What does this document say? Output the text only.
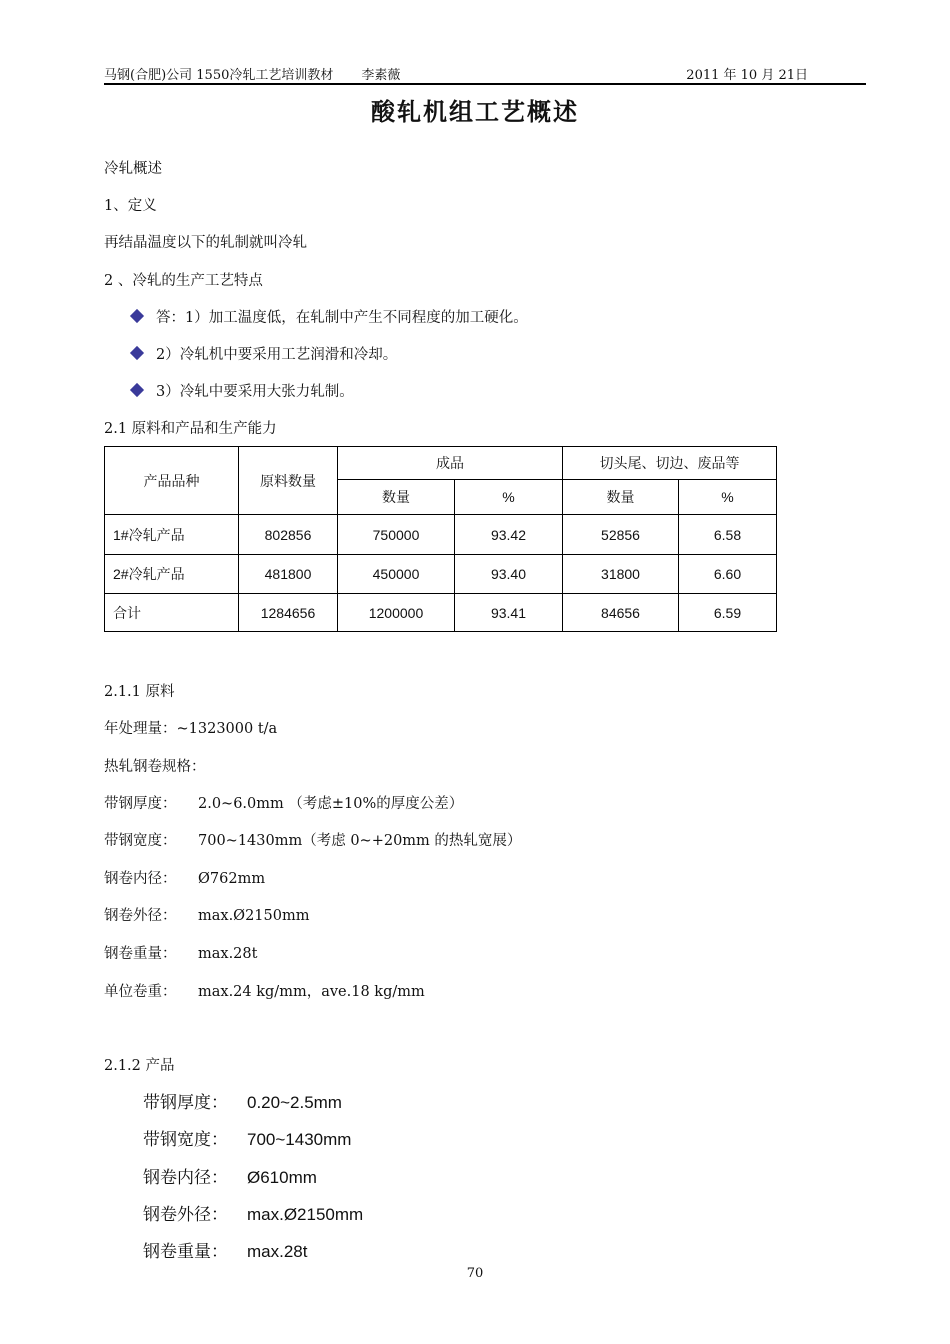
马钢(合肥)公司 1550冷轧工艺培训教材 李素薇	2011 年 10 月 21日
酸轧机组工艺概述
冷轧概述
1、定义
再结晶温度以下的轧制就叫冷轧
2 、冷轧的生产工艺特点
答：1）加工温度低，在轧制中产生不同程度的加工硬化。
2）冷轧机中要采用工艺润滑和冷却。
3）冷轧中要采用大张力轧制。
2.1 原料和产品和生产能力
产品品种	原料数量	成品		切头尾、切边、废品等	
		数量	%	数量	%
1#冷轧产品	802856	750000	93.42	52856	6.58
2#冷轧产品	481800	450000	93.40	31800	6.60
合计	1284656	1200000	93.41	84656	6.59
2.1.1 原料
年处理量：~1323000 t/a
热轧钢卷规格：
带钢厚度： 2.0~6.0mm （考虑±10%的厚度公差）
带钢宽度： 700~1430mm（考虑 0~+20mm 的热轧宽展）
钢卷内径： Ø762mm
钢卷外径： max.Ø2150mm
钢卷重量： max.28t
单位卷重： max.24 kg/mm，ave.18 kg/mm
2.1.2 产品
带钢厚度： 0.20~2.5mm
带钢宽度： 700~1430mm
钢卷内径： Ø610mm
钢卷外径： max.Ø2150mm
钢卷重量： max.28t
70
